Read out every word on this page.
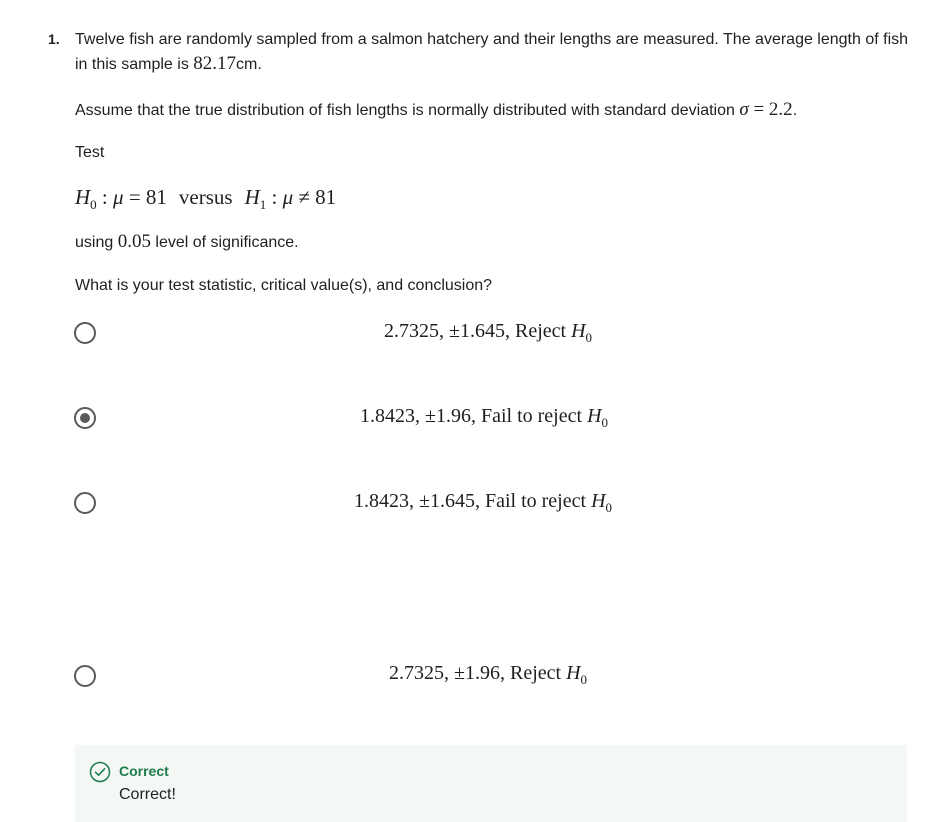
1. Twelve fish are randomly sampled from a salmon hatchery and their lengths are measured. The average length of fish in this sample is 82.17cm.
Assume that the true distribution of fish lengths is normally distributed with standard deviation σ = 2.2.
Test
$H_0$ : μ = 81 versus $H_1$ : μ ≠ 81
using 0.05 level of significance.
What is your test statistic, critical value(s), and conclusion?
2.7325, ±1.645, Reject $H_0$
1.8423, ±1.96, Fail to reject $H_0$
1.8423, ±1.645, Fail to reject $H_0$
2.7325, ±1.96, Reject $H_0$
Correct
Correct!
